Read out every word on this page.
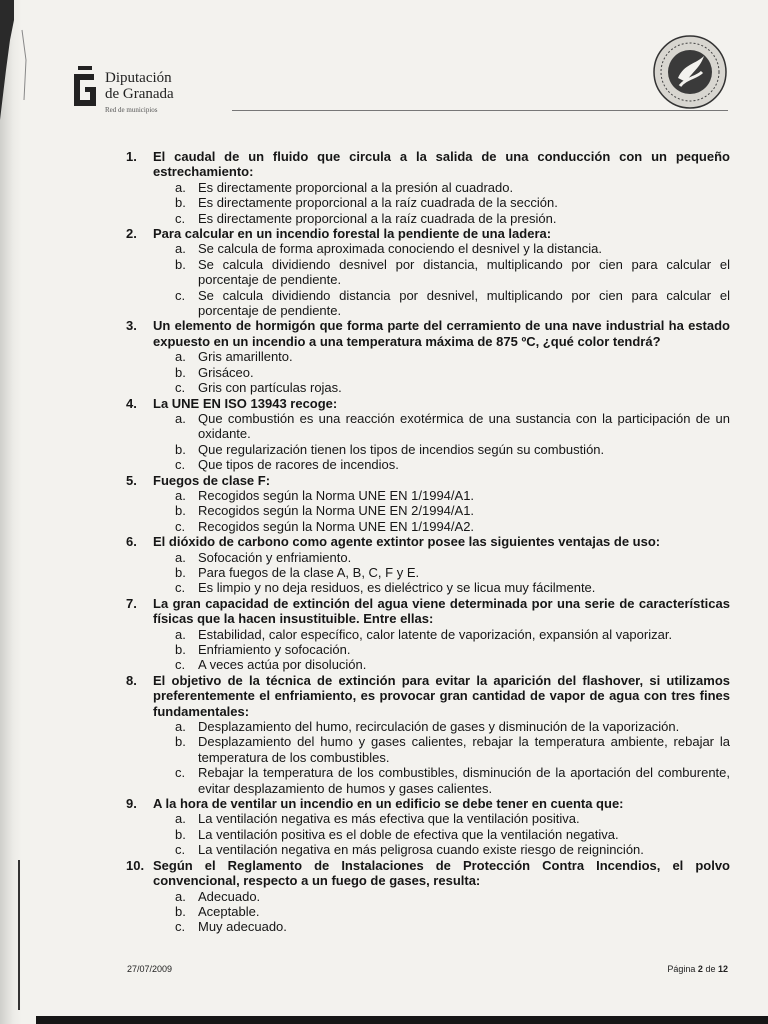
Diputación
de Granada
Red de municipios
1. El caudal de un fluido que circula a la salida de una conducción con un pequeño estrechamiento:
a. Es directamente proporcional a la presión al cuadrado.
b. Es directamente proporcional a la raíz cuadrada de la sección.
c. Es directamente proporcional a la raíz cuadrada de la presión.
2. Para calcular en un incendio forestal la pendiente de una ladera:
a. Se calcula de forma aproximada conociendo el desnivel y la distancia.
b. Se calcula dividiendo desnivel por distancia, multiplicando por cien para calcular el porcentaje de pendiente.
c. Se calcula dividiendo distancia por desnivel, multiplicando por cien para calcular el porcentaje de pendiente.
3. Un elemento de hormigón que forma parte del cerramiento de una nave industrial ha estado expuesto en un incendio a una temperatura máxima de 875 ºC, ¿qué color tendrá?
a. Gris amarillento.
b. Grisáceo.
c. Gris con partículas rojas.
4. La UNE EN ISO 13943 recoge:
a. Que combustión es una reacción exotérmica de una sustancia con la participación de un oxidante.
b. Que regularización tienen los tipos de incendios según su combustión.
c. Que tipos de racores de incendios.
5. Fuegos de clase F:
a. Recogidos según la Norma UNE EN 1/1994/A1.
b. Recogidos según la Norma UNE EN 2/1994/A1.
c. Recogidos según la Norma UNE EN 1/1994/A2.
6. El dióxido de carbono como agente extintor posee las siguientes ventajas de uso:
a. Sofocación y enfriamiento.
b. Para fuegos de la clase A, B, C, F y E.
c. Es limpio y no deja residuos, es dieléctrico y se licua muy fácilmente.
7. La gran capacidad de extinción del agua viene determinada por una serie de características físicas que la hacen insustituible. Entre ellas:
a. Estabilidad, calor específico, calor latente de vaporización, expansión al vaporizar.
b. Enfriamiento y sofocación.
c. A veces actúa por disolución.
8. El objetivo de la técnica de extinción para evitar la aparición del flashover, si utilizamos preferentemente el enfriamiento, es provocar gran cantidad de vapor de agua con tres fines fundamentales:
a. Desplazamiento del humo, recirculación de gases y disminución de la vaporización.
b. Desplazamiento del humo y gases calientes, rebajar la temperatura ambiente, rebajar la temperatura de los combustibles.
c. Rebajar la temperatura de los combustibles, disminución de la aportación del comburente, evitar desplazamiento de humos y gases calientes.
9. A la hora de ventilar un incendio en un edificio se debe tener en cuenta que:
a. La ventilación negativa es más efectiva que la ventilación positiva.
b. La ventilación positiva es el doble de efectiva que la ventilación negativa.
c. La ventilación negativa en más peligrosa cuando existe riesgo de reigninción.
10. Según el Reglamento de Instalaciones de Protección Contra Incendios, el polvo convencional, respecto a un fuego de gases, resulta:
a. Adecuado.
b. Aceptable.
c. Muy adecuado.
27/07/2009	Página 2 de 12
